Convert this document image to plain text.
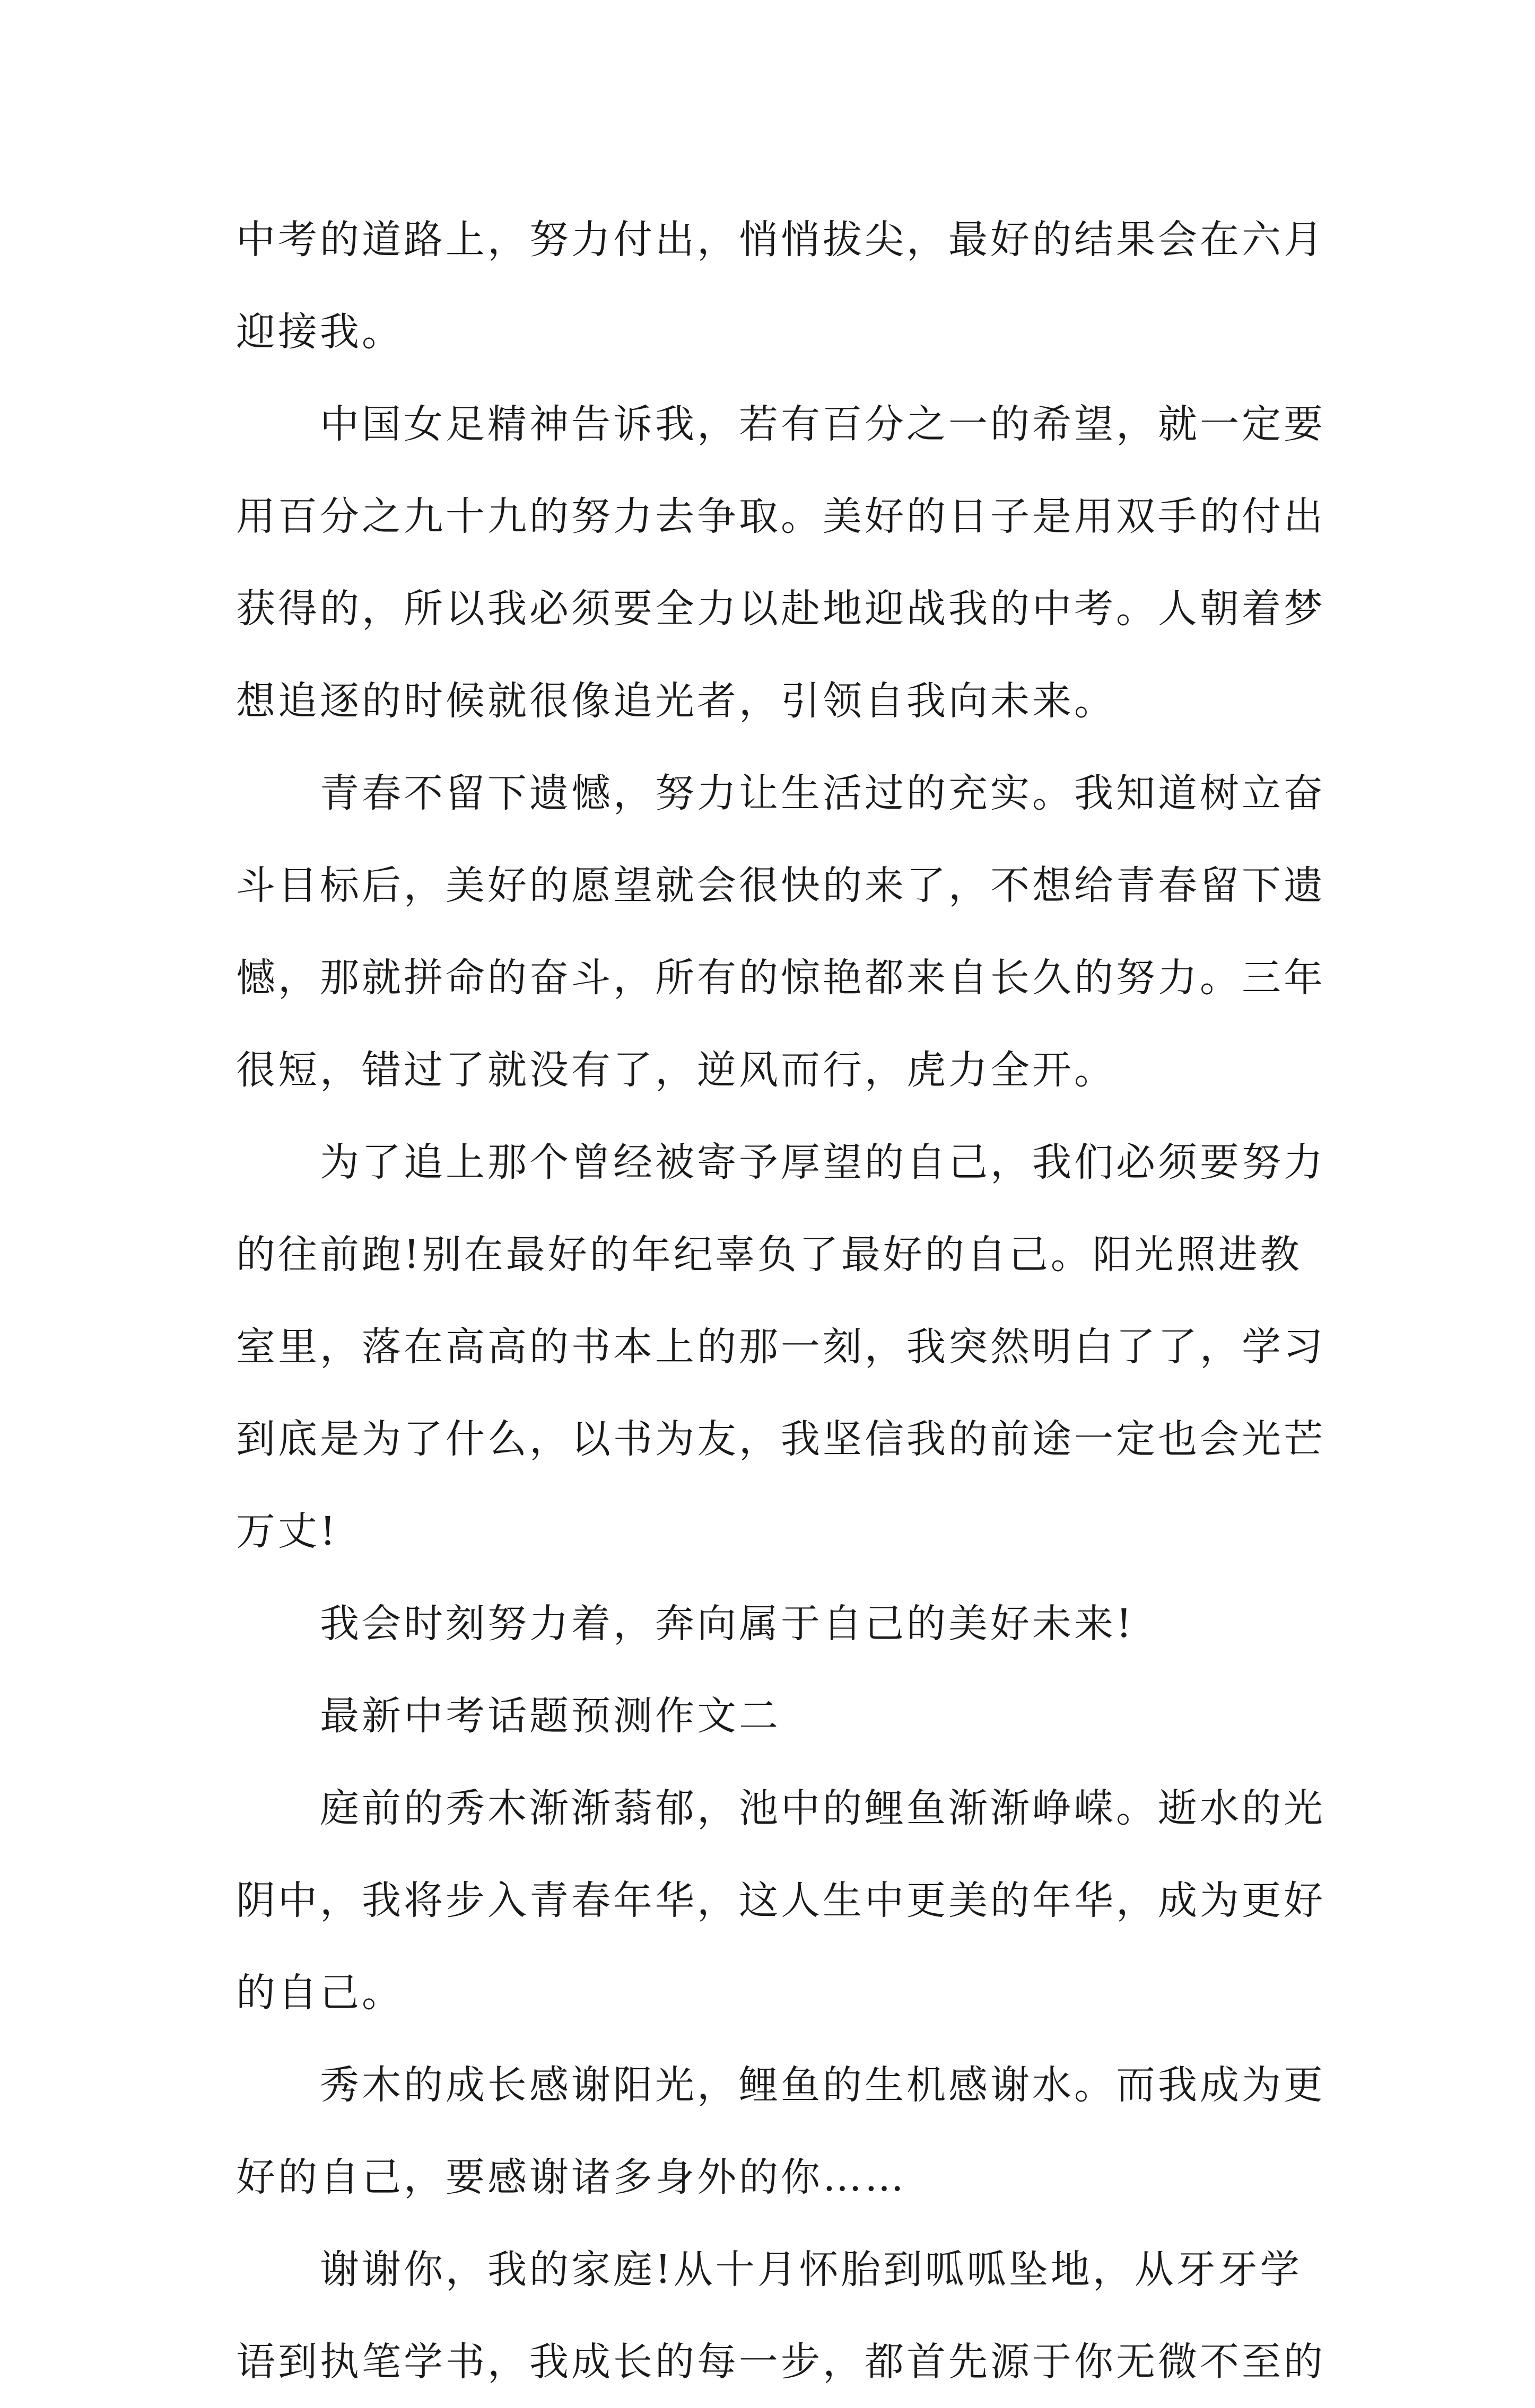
中考的道路上，努力付出，悄悄拔尖，最好的结果会在六月
迎接我。
中国女足精神告诉我，若有百分之一的希望，就一定要
用百分之九十九的努力去争取。美好的日子是用双手的付出
获得的，所以我必须要全力以赴地迎战我的中考。人朝着梦
想追逐的时候就很像追光者，引领自我向未来。
青春不留下遗憾，努力让生活过的充实。我知道树立奋
斗目标后，美好的愿望就会很快的来了，不想给青春留下遗
憾，那就拼命的奋斗，所有的惊艳都来自长久的努力。三年
很短，错过了就没有了，逆风而行，虎力全开。
为了追上那个曾经被寄予厚望的自己，我们必须要努力
的往前跑!别在最好的年纪辜负了最好的自己。阳光照进教
室里，落在高高的书本上的那一刻，我突然明白了了，学习
到底是为了什么，以书为友，我坚信我的前途一定也会光芒
万丈!
我会时刻努力着，奔向属于自己的美好未来!
最新中考话题预测作文二
庭前的秀木渐渐蓊郁，池中的鲤鱼渐渐峥嵘。逝水的光
阴中，我将步入青春年华，这人生中更美的年华，成为更好
的自己。
秀木的成长感谢阳光，鲤鱼的生机感谢水。而我成为更
好的自己，要感谢诸多身外的你……
谢谢你，我的家庭!从十月怀胎到呱呱坠地，从牙牙学
语到执笔学书，我成长的每一步，都首先源于你无微不至的
